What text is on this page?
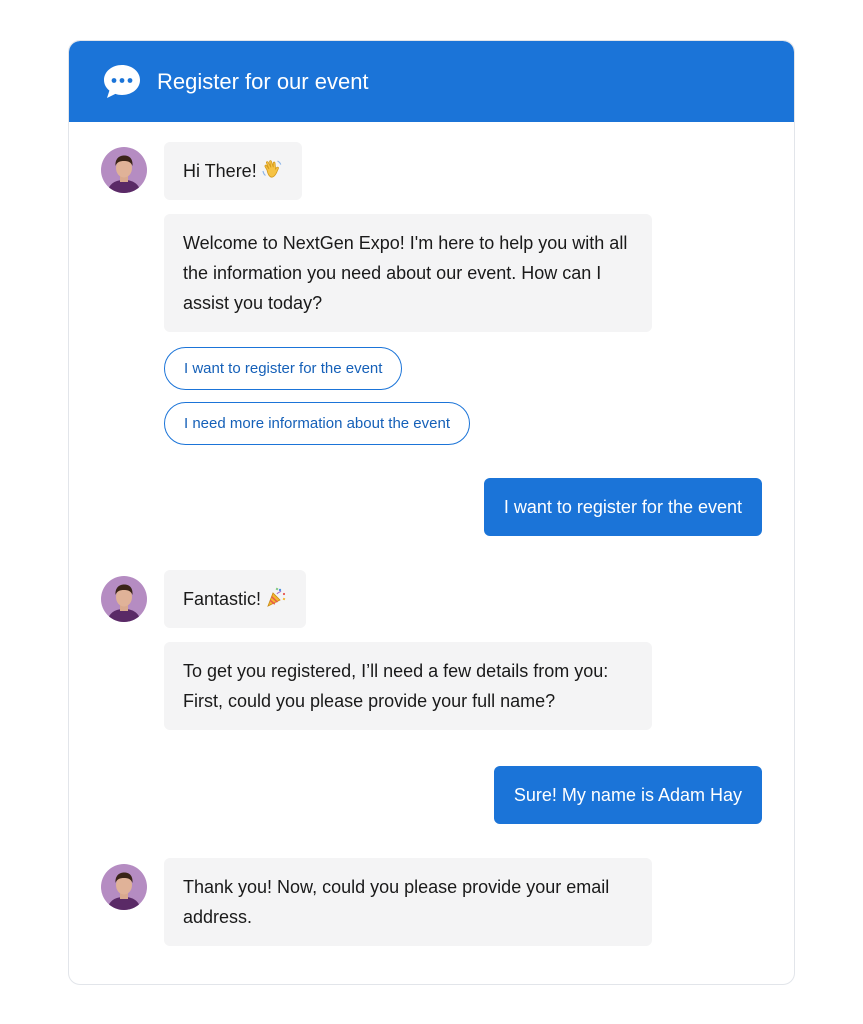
Register for our event
Hi There!
Welcome to NextGen Expo! I'm here to help you with all the information you need about our event. How can I assist you today?
I want to register for the event
I need more information about the event
I want to register for the event
Fantastic!
To get you registered, I’ll need a few details from you: First, could you please provide your full name?
Sure! My name is Adam Hay
Thank you! Now, could you please provide your email address.
